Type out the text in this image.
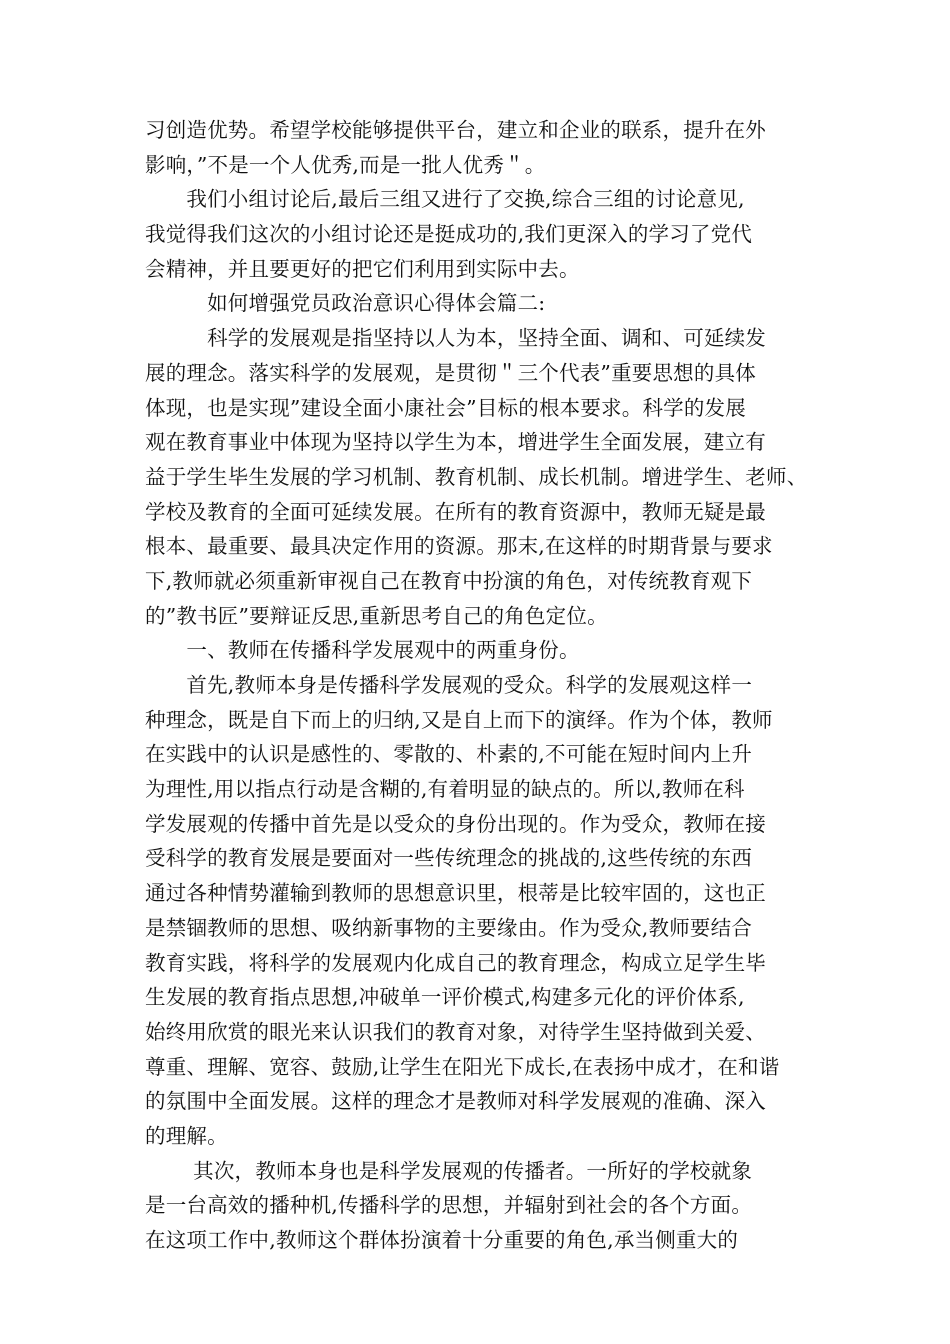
习创造优势。希望学校能够提供平台，建立和企业的联系，提升在外
影响，”不是一个人优秀,而是一批人优秀＂。
　　我们小组讨论后,最后三组又进行了交换,综合三组的讨论意见,
我觉得我们这次的小组讨论还是挺成功的,我们更深入的学习了党代
会精神，并且要更好的把它们利用到实际中去。
　　　如何增强党员政治意识心得体会篇二:
　　　科学的发展观是指坚持以人为本，坚持全面、调和、可延续发
展的理念。落实科学的发展观，是贯彻＂三个代表”重要思想的具体
体现，也是实现”建设全面小康社会”目标的根本要求。科学的发展
观在教育事业中体现为坚持以学生为本，增进学生全面发展，建立有
益于学生毕生发展的学习机制、教育机制、成长机制。增进学生、老师、
学校及教育的全面可延续发展。在所有的教育资源中，教师无疑是最
根本、最重要、最具决定作用的资源。那末,在这样的时期背景与要求
下,教师就必须重新审视自己在教育中扮演的角色，对传统教育观下
的”教书匠”要辩证反思,重新思考自己的角色定位。
　　一、教师在传播科学发展观中的两重身份。
　　首先,教师本身是传播科学发展观的受众。科学的发展观这样一
种理念，既是自下而上的归纳,又是自上而下的演绎。作为个体，教师
在实践中的认识是感性的、零散的、朴素的,不可能在短时间内上升
为理性,用以指点行动是含糊的,有着明显的缺点的。所以,教师在科
学发展观的传播中首先是以受众的身份出现的。作为受众，教师在接
受科学的教育发展是要面对一些传统理念的挑战的,这些传统的东西
通过各种情势灌输到教师的思想意识里，根蒂是比较牢固的，这也正
是禁锢教师的思想、吸纳新事物的主要缘由。作为受众,教师要结合
教育实践，将科学的发展观内化成自己的教育理念，构成立足学生毕
生发展的教育指点思想,冲破单一评价模式,构建多元化的评价体系,
始终用欣赏的眼光来认识我们的教育对象，对待学生坚持做到关爱、
尊重、理解、宽容、鼓励,让学生在阳光下成长,在表扬中成才，在和谐
的氛围中全面发展。这样的理念才是教师对科学发展观的准确、深入
的理解。
　　 其次，教师本身也是科学发展观的传播者。一所好的学校就象
是一台高效的播种机,传播科学的思想，并辐射到社会的各个方面。
在这项工作中,教师这个群体扮演着十分重要的角色,承当侧重大的
